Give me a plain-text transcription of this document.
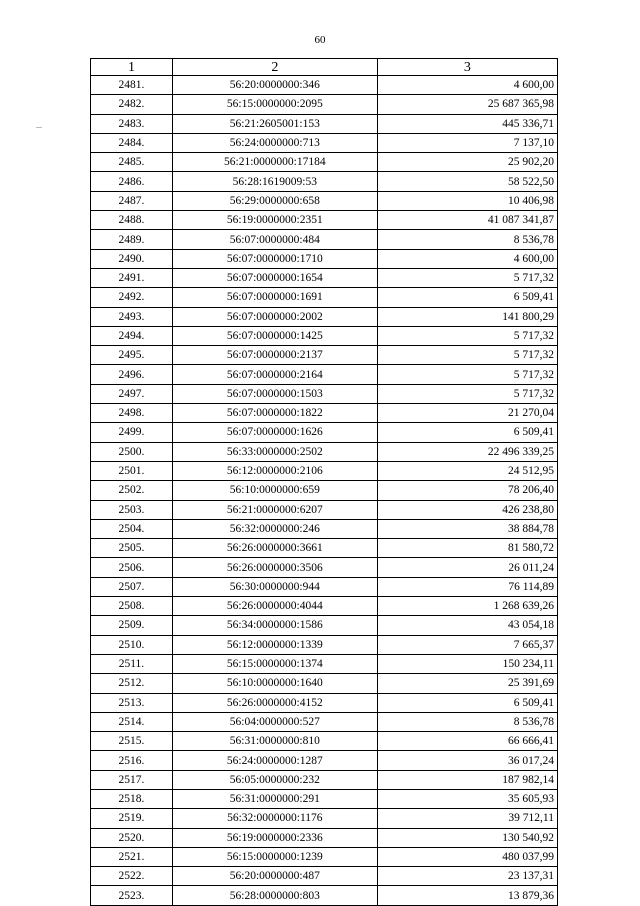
60
1	2	3
2481.	56:20:0000000:346	4 600,00
2482.	56:15:0000000:2095	25 687 365,98
2483.	56:21:2605001:153	445 336,71
2484.	56:24:0000000:713	7 137,10
2485.	56:21:0000000:17184	25 902,20
2486.	56:28:1619009:53	58 522,50
2487.	56:29:0000000:658	10 406,98
2488.	56:19:0000000:2351	41 087 341,87
2489.	56:07:0000000:484	8 536,78
2490.	56:07:0000000:1710	4 600,00
2491.	56:07:0000000:1654	5 717,32
2492.	56:07:0000000:1691	6 509,41
2493.	56:07:0000000:2002	141 800,29
2494.	56:07:0000000:1425	5 717,32
2495.	56:07:0000000:2137	5 717,32
2496.	56:07:0000000:2164	5 717,32
2497.	56:07:0000000:1503	5 717,32
2498.	56:07:0000000:1822	21 270,04
2499.	56:07:0000000:1626	6 509,41
2500.	56:33:0000000:2502	22 496 339,25
2501.	56:12:0000000:2106	24 512,95
2502.	56:10:0000000:659	78 206,40
2503.	56:21:0000000:6207	426 238,80
2504.	56:32:0000000:246	38 884,78
2505.	56:26:0000000:3661	81 580,72
2506.	56:26:0000000:3506	26 011,24
2507.	56:30:0000000:944	76 114,89
2508.	56:26:0000000:4044	1 268 639,26
2509.	56:34:0000000:1586	43 054,18
2510.	56:12:0000000:1339	7 665,37
2511.	56:15:0000000:1374	150 234,11
2512.	56:10:0000000:1640	25 391,69
2513.	56:26:0000000:4152	6 509,41
2514.	56:04:0000000:527	8 536,78
2515.	56:31:0000000:810	66 666,41
2516.	56:24:0000000:1287	36 017,24
2517.	56:05:0000000:232	187 982,14
2518.	56:31:0000000:291	35 605,93
2519.	56:32:0000000:1176	39 712,11
2520.	56:19:0000000:2336	130 540,92
2521.	56:15:0000000:1239	480 037,99
2522.	56:20:0000000:487	23 137,31
2523.	56:28:0000000:803	13 879,36
